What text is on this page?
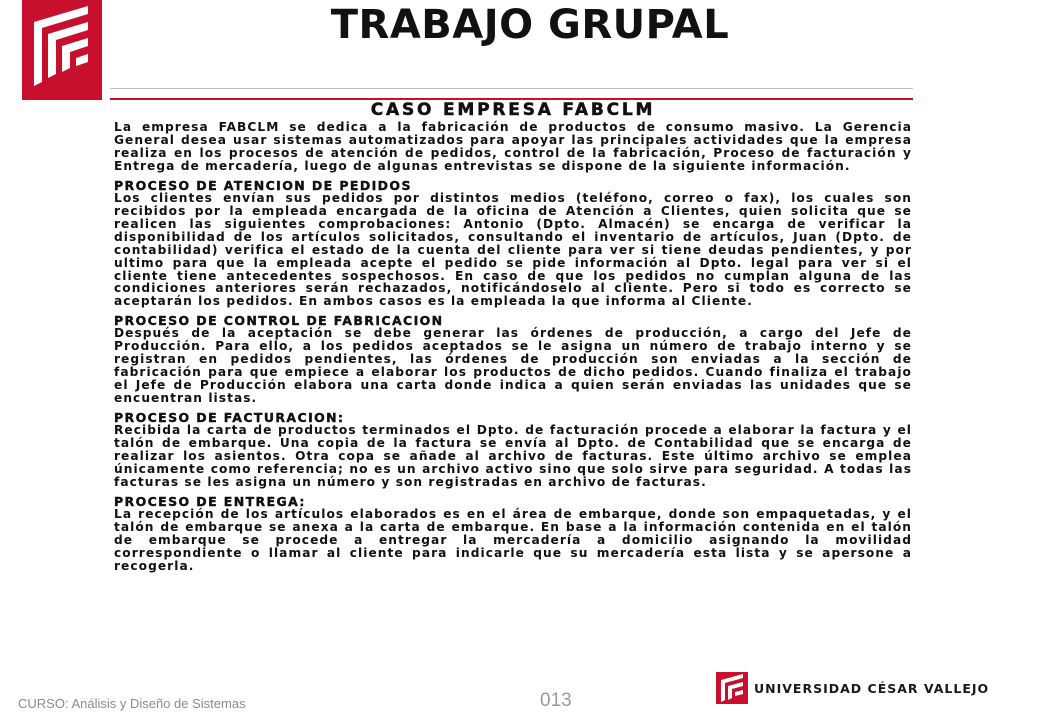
TRABAJO GRUPAL
CASO EMPRESA FABCLM

La empresa FABCLM se dedica a la fabricación de productos de consumo masivo. La Gerencia General desea usar sistemas automatizados para apoyar las principales actividades que la empresa realiza en los procesos de atención de pedidos, control de la fabricación, Proceso de facturación y Entrega de mercadería, luego de algunas entrevistas se dispone de la siguiente información.

PROCESO DE ATENCION DE PEDIDOS

Los clientes envían sus pedidos por distintos medios (teléfono, correo o fax), los cuales son recibidos por la empleada encargada de la oficina de Atención a Clientes, quien solicita que se realicen las siguientes comprobaciones: Antonio (Dpto. Almacén) se encarga de verificar la disponibilidad de los artículos solicitados, consultando el inventario de artículos, Juan (Dpto. de contabilidad) verifica el estado de la cuenta del cliente para ver si tiene deudas pendientes, y por ultimo para que la empleada acepte el pedido se pide información al Dpto. legal para ver si el cliente tiene antecedentes sospechosos. En caso de que los pedidos no cumplan alguna de las condiciones anteriores serán rechazados, notificándoselo al cliente. Pero si todo es correcto se aceptarán los pedidos. En ambos casos es la empleada la que informa al Cliente.

PROCESO DE CONTROL DE FABRICACION

Después de la aceptación se debe generar las órdenes de producción, a cargo del Jefe de Producción. Para ello, a los pedidos aceptados se le asigna un número de trabajo interno y se registran en pedidos pendientes, las órdenes de producción son enviadas a la sección de fabricación para que empiece a elaborar los productos de dicho pedidos. Cuando finaliza el trabajo el Jefe de Producción elabora una carta donde indica a quien serán enviadas las unidades que se encuentran listas.

PROCESO DE FACTURACION:

Recibida la carta de productos terminados el Dpto. de facturación procede a elaborar la factura y el talón de embarque. Una copia de la factura se envía al Dpto. de Contabilidad que se encarga de realizar los asientos. Otra copa se añade al archivo de facturas. Este último archivo se emplea únicamente como referencia; no es un archivo activo sino que solo sirve para seguridad. A todas las facturas se les asigna un número y son registradas en archivo de facturas.

PROCESO DE ENTREGA:

La recepción de los artículos elaborados es en el área de embarque, donde son empaquetadas, y el talón de embarque se anexa a la carta de embarque. En base a la información contenida en el talón de embarque se procede a entregar la mercadería a domicilio asignando la movilidad correspondiente o llamar al cliente para indicarle que su mercadería esta lista y se apersone a recogerla.

CURSO: Análisis y Diseño de Sistemas	013
UNIVERSIDAD CÉSAR VALLEJO
